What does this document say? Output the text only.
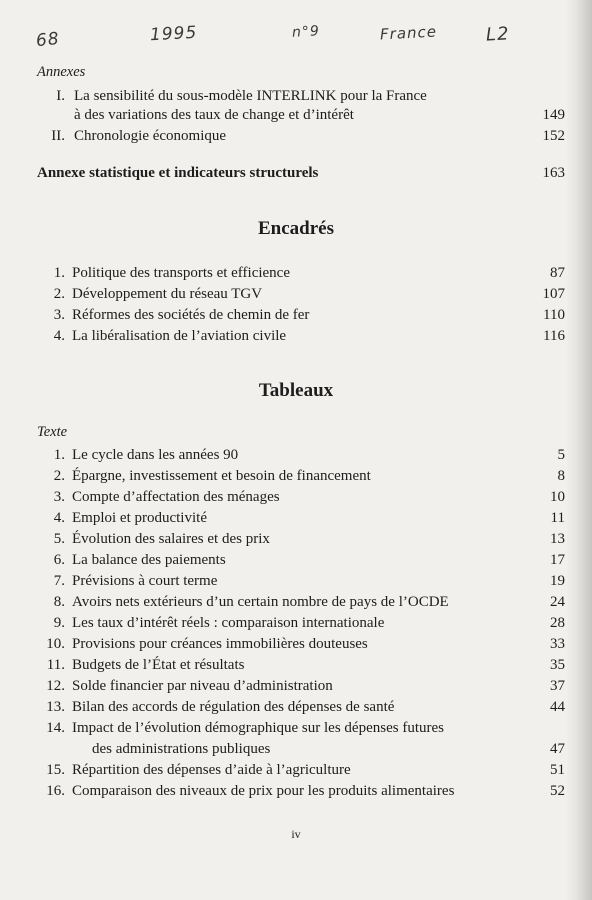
68	1995	n°9	France	L2
Annexes
I. La sensibilité du sous-modèle INTERLINK pour la France
à des variations des taux de change et d’intérêt	149
II. Chronologie économique	152
Annexe statistique et indicateurs structurels	163
Encadrés
1. Politique des transports et efficience	87
2. Développement du réseau TGV	107
3. Réformes des sociétés de chemin de fer	110
4. La libéralisation de l’aviation civile	116
Tableaux
Texte
1. Le cycle dans les années 90	5
2. Épargne, investissement et besoin de financement	8
3. Compte d’affectation des ménages	10
4. Emploi et productivité	11
5. Évolution des salaires et des prix	13
6. La balance des paiements	17
7. Prévisions à court terme	19
8. Avoirs nets extérieurs d’un certain nombre de pays de l’OCDE	24
9. Les taux d’intérêt réels : comparaison internationale	28
10. Provisions pour créances immobilières douteuses	33
11. Budgets de l’État et résultats	35
12. Solde financier par niveau d’administration	37
13. Bilan des accords de régulation des dépenses de santé	44
14. Impact de l’évolution démographique sur les dépenses futures
des administrations publiques	47
15. Répartition des dépenses d’aide à l’agriculture	51
16. Comparaison des niveaux de prix pour les produits alimentaires	52
iv
